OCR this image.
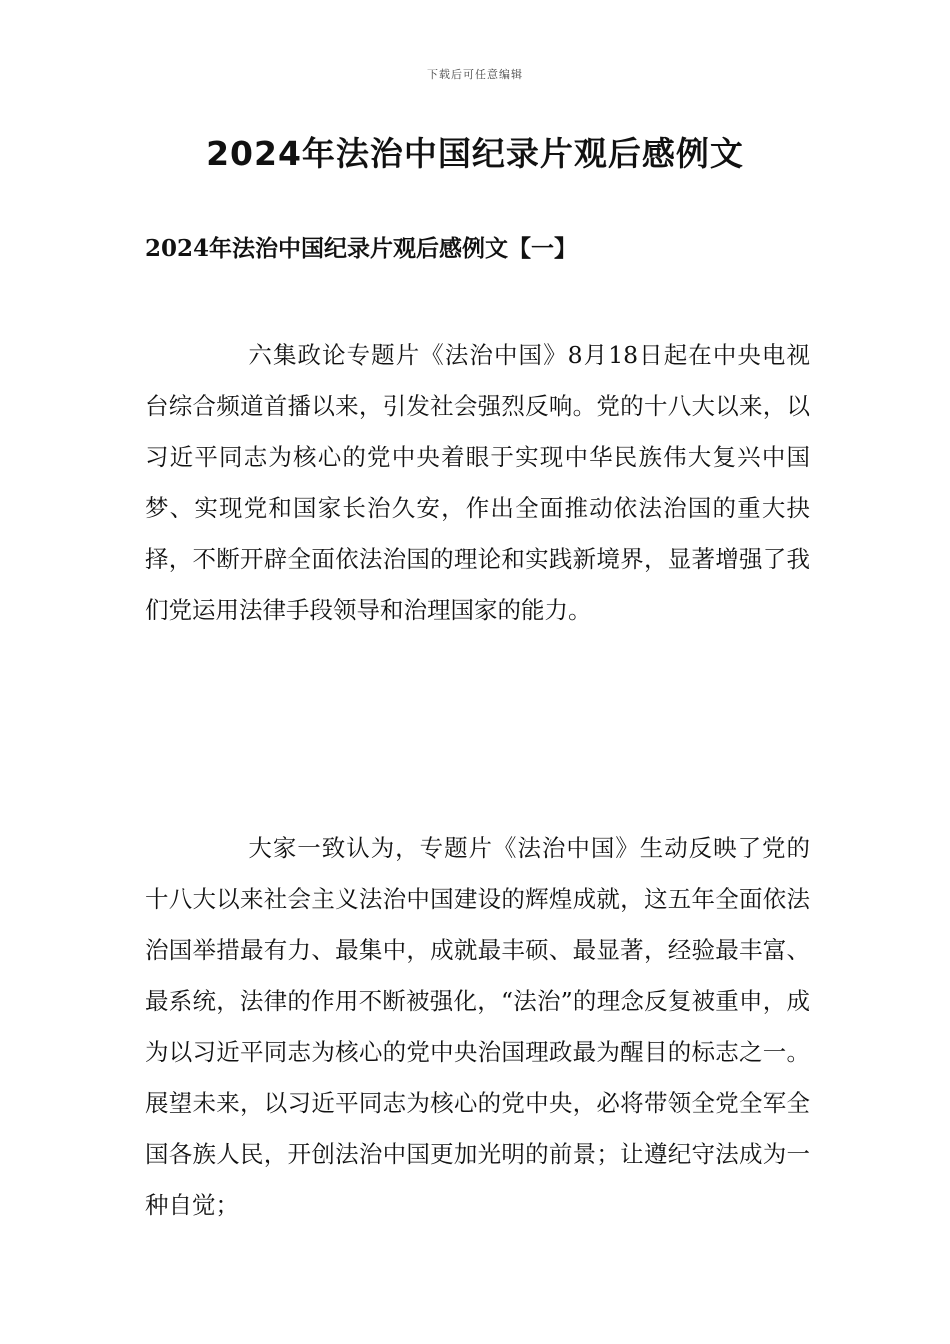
下载后可任意编辑
2024年法治中国纪录片观后感例文
2024年法治中国纪录片观后感例文【一】

六集政论专题片《法治中国》8月18日起在中央电视台综合频道首播以来，引发社会强烈反响。党的十八大以来，以习近平同志为核心的党中央着眼于实现中华民族伟大复兴中国梦、实现党和国家长治久安，作出全面推动依法治国的重大抉择，不断开辟全面依法治国的理论和实践新境界，显著增强了我们党运用法律手段领导和治理国家的能力。

大家一致认为，专题片《法治中国》生动反映了党的十八大以来社会主义法治中国建设的辉煌成就，这五年全面依法治国举措最有力、最集中，成就最丰硕、最显著，经验最丰富、最系统，法律的作用不断被强化，“法治”的理念反复被重申，成为以习近平同志为核心的党中央治国理政最为醒目的标志之一。展望未来，以习近平同志为核心的党中央，必将带领全党全军全国各族人民，开创法治中国更加光明的前景；让遵纪守法成为一种自觉；
